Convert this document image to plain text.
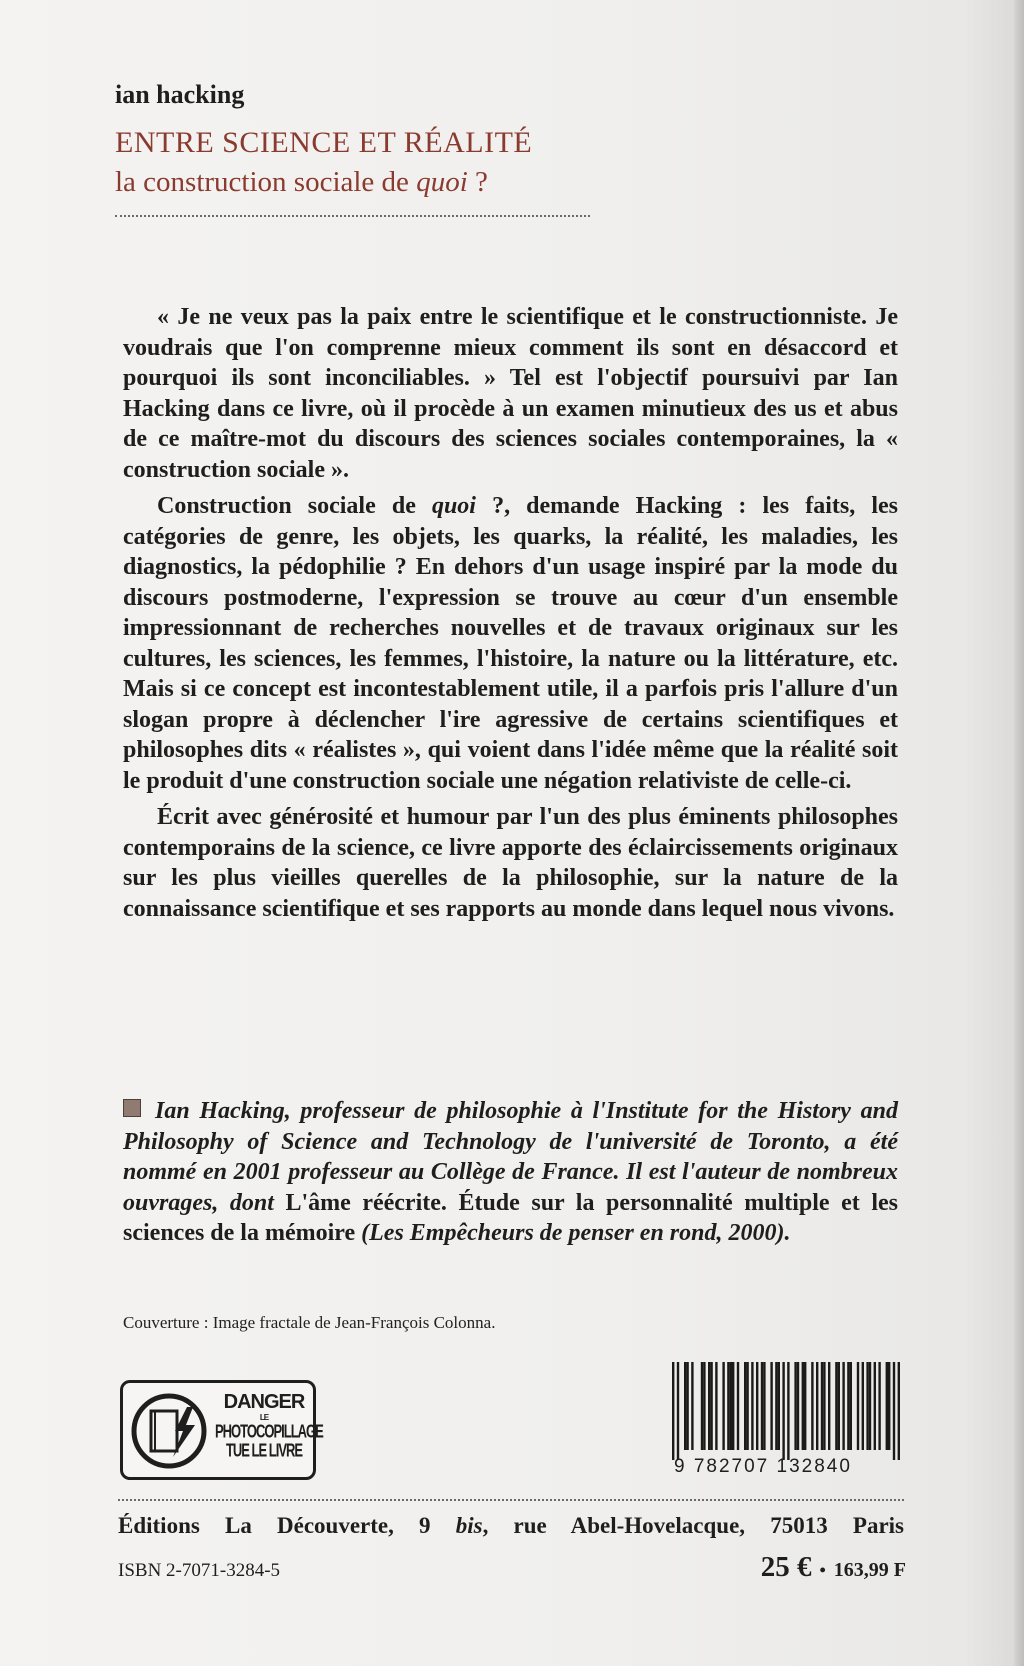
ian hacking
ENTRE SCIENCE ET RÉALITÉ
la construction sociale de quoi ?

« Je ne veux pas la paix entre le scientifique et le constructionniste. Je voudrais que l'on comprenne mieux comment ils sont en désaccord et pourquoi ils sont inconciliables. » Tel est l'objectif poursuivi par Ian Hacking dans ce livre, où il procède à un examen minutieux des us et abus de ce maître-mot du discours des sciences sociales contemporaines, la « construction sociale ».

Construction sociale de quoi ?, demande Hacking : les faits, les catégories de genre, les objets, les quarks, la réalité, les maladies, les diagnostics, la pédophilie ? En dehors d'un usage inspiré par la mode du discours postmoderne, l'expression se trouve au cœur d'un ensemble impressionnant de recherches nouvelles et de travaux originaux sur les cultures, les sciences, les femmes, l'histoire, la nature ou la littérature, etc. Mais si ce concept est incontestablement utile, il a parfois pris l'allure d'un slogan propre à déclencher l'ire agressive de certains scientifiques et philosophes dits « réalistes », qui voient dans l'idée même que la réalité soit le produit d'une construction sociale une négation relativiste de celle-ci.

Écrit avec générosité et humour par l'un des plus éminents philosophes contemporains de la science, ce livre apporte des éclaircissements originaux sur les plus vieilles querelles de la philosophie, sur la nature de la connaissance scientifique et ses rapports au monde dans lequel nous vivons.

Ian Hacking, professeur de philosophie à l'Institute for the History and Philosophy of Science and Technology de l'université de Toronto, a été nommé en 2001 professeur au Collège de France. Il est l'auteur de nombreux ouvrages, dont L'âme réécrite. Étude sur la personnalité multiple et les sciences de la mémoire (Les Empêcheurs de penser en rond, 2000).
Couverture : Image fractale de Jean-François Colonna.
DANGER
LE
PHOTOCOPILLAGE
TUE LE LIVRE
9 782707 132840
Éditions La Découverte, 9 bis, rue Abel-Hovelacque, 75013 Paris
ISBN 2-7071-3284-5	25 € • 163,99 F
